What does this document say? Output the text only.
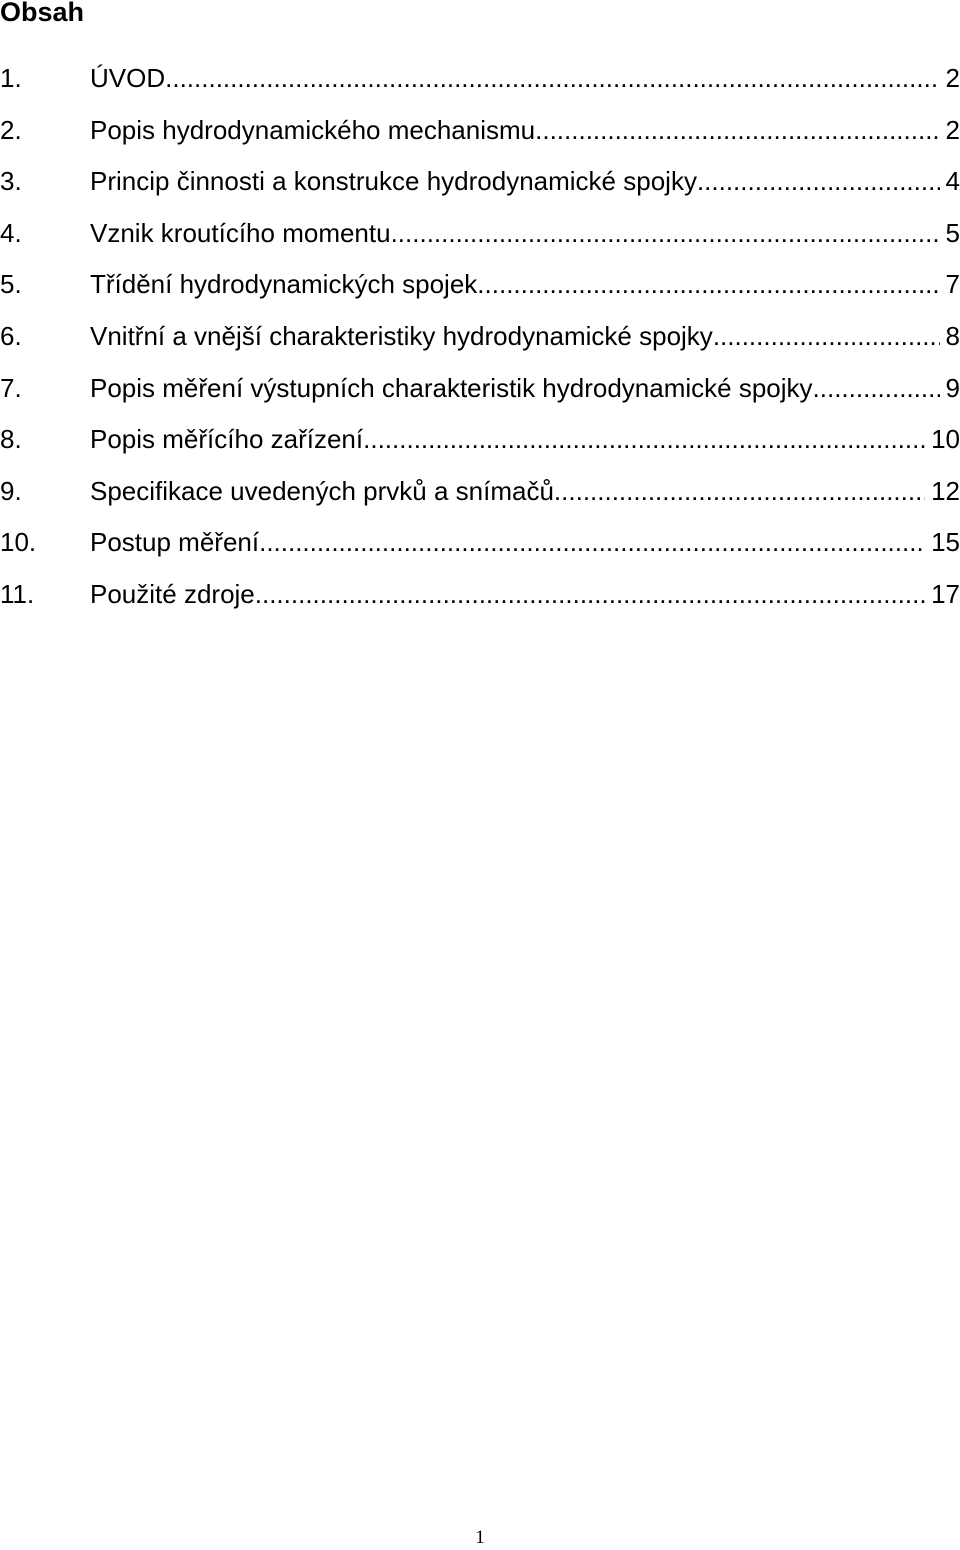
Obsah
1.	ÚVOD .....	2
2.	Popis hydrodynamického mechanismu .....	2
3.	Princip činnosti a konstrukce hydrodynamické spojky .....	4
4.	Vznik kroutícího momentu .....	5
5.	Třídění hydrodynamických spojek .....	7
6.	Vnitřní a vnější charakteristiky hydrodynamické spojky .....	8
7.	Popis měření výstupních charakteristik hydrodynamické spojky .....	9
8.	Popis měřícího zařízení .....	10
9.	Specifikace uvedených prvků a snímačů .....	12
10. Postup měření .....	15
11. Použité zdroje .....	17
1
